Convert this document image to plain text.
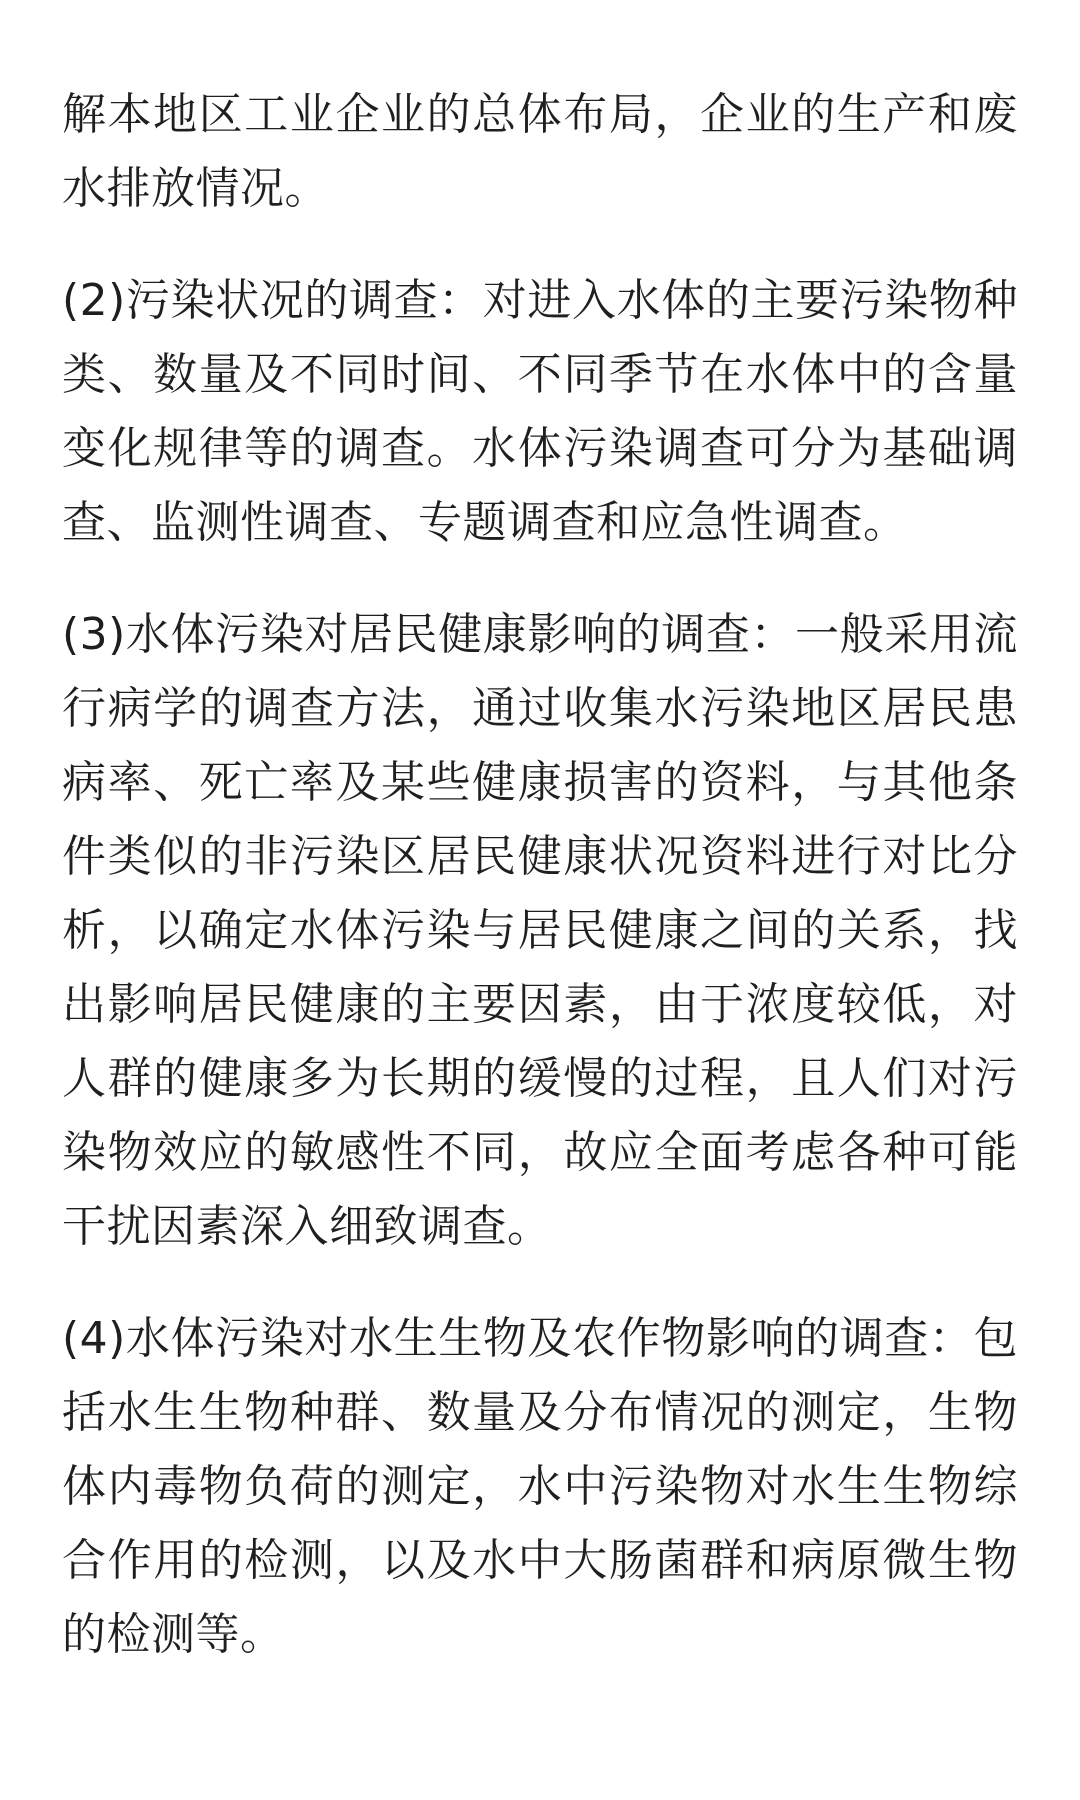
解本地区工业企业的总体布局，企业的生产和废水排放情况。

(2)污染状况的调查：对进入水体的主要污染物种类、数量及不同时间、不同季节在水体中的含量变化规律等的调查。水体污染调查可分为基础调查、监测性调查、专题调查和应急性调查。

(3)水体污染对居民健康影响的调查：一般采用流行病学的调查方法，通过收集水污染地区居民患病率、死亡率及某些健康损害的资料，与其他条件类似的非污染区居民健康状况资料进行对比分析，以确定水体污染与居民健康之间的关系，找出影响居民健康的主要因素，由于浓度较低，对人群的健康多为长期的缓慢的过程，且人们对污染物效应的敏感性不同，故应全面考虑各种可能干扰因素深入细致调查。

(4)水体污染对水生生物及农作物影响的调查：包括水生生物种群、数量及分布情况的测定，生物体内毒物负荷的测定，水中污染物对水生生物综合作用的检测，以及水中大肠菌群和病原微生物的检测等。
